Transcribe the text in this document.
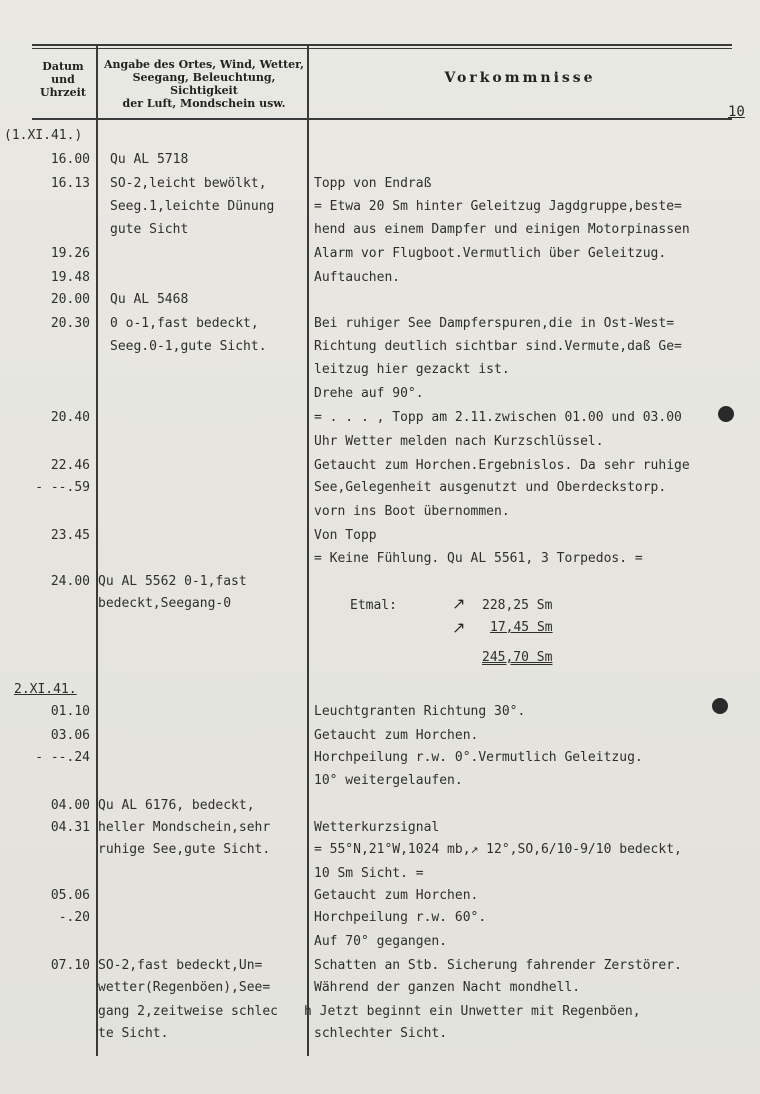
Datum
und
Uhrzeit
Angabe des Ortes, Wind, Wetter,
Seegang, Beleuchtung, Sichtigkeit
der Luft, Mondschein usw.
Vorkommnisse
10
(1.XI.41.)
2.XI.41.
16.00
16.13
19.26
19.48
20.00
20.30
20.40
22.46
- --.59
23.45
24.00
01.10
03.06
- --.24
04.00
04.31
05.06
-.20
07.10
Qu AL 5718
SO-2,leicht bewölkt,
Seeg.1,leichte Dünung
gute Sicht
Qu AL 5468
0 o-1,fast bedeckt,
Seeg.0-1,gute Sicht.
Qu AL 5562 0-1,fast
bedeckt,Seegang-0
Qu AL 6176, bedeckt,
heller Mondschein,sehr
ruhige See,gute Sicht.
SO-2,fast bedeckt,Un=
wetter(Regenböen),See=
gang 2,zeitweise schlec
te Sicht.
Topp von Endraß
= Etwa 20 Sm hinter Geleitzug Jagdgruppe,beste=
hend aus einem Dampfer und einigen Motorpinassen
Alarm vor Flugboot.Vermutlich über Geleitzug.
Auftauchen.
Bei ruhiger See Dampferspuren,die in Ost-West=
Richtung deutlich sichtbar sind.Vermute,daß Ge=
leitzug hier gezackt ist.
Drehe auf 90°.
= . . . , Topp am 2.11.zwischen 01.00 und 03.00
Uhr Wetter melden nach Kurzschlüssel.
Getaucht zum Horchen.Ergebnislos. Da sehr ruhige
See,Gelegenheit ausgenutzt und Oberdeckstorp.
vorn ins Boot übernommen.
Von Topp
= Keine Fühlung. Qu AL 5561, 3 Torpedos. =
Etmal:	↗ 228,25 Sm
↗ 17,45 Sm
245,70 Sm
Leuchtgranten Richtung 30°.
Getaucht zum Horchen.
Horchpeilung r.w. 0°.Vermutlich Geleitzug.
10° weitergelaufen.
Wetterkurzsignal
= 55°N,21°W,1024 mb,↗ 12°,SO,6/10-9/10 bedeckt,
10 Sm Sicht. =
Getaucht zum Horchen.
Horchpeilung r.w. 60°.
Auf 70° gegangen.
Schatten an Stb. Sicherung fahrender Zerstörer.
Während der ganzen Nacht mondhell.
h Jetzt beginnt ein Unwetter mit Regenböen,
schlechter Sicht.
